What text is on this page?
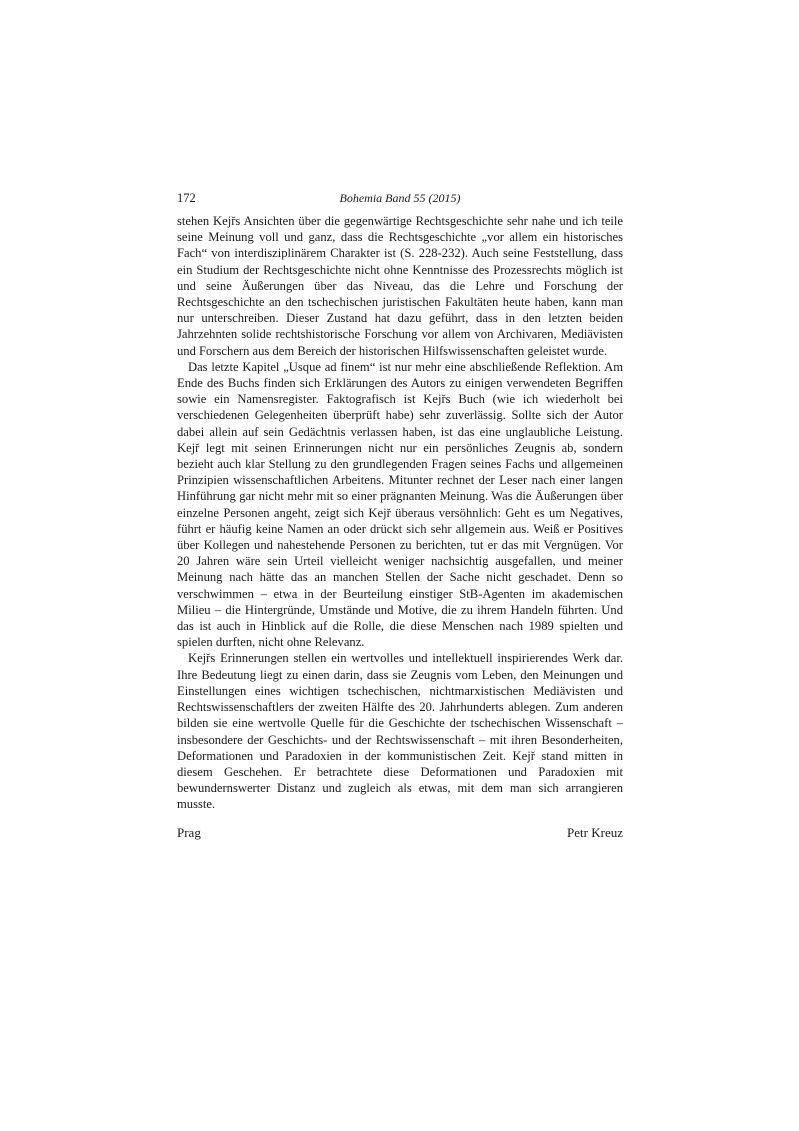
172	Bohemia Band 55 (2015)

stehen Kejřs Ansichten über die gegenwärtige Rechtsgeschichte sehr nahe und ich teile seine Meinung voll und ganz, dass die Rechtsgeschichte „vor allem ein historisches Fach“ von interdisziplinärem Charakter ist (S. 228-232). Auch seine Feststellung, dass ein Studium der Rechtsgeschichte nicht ohne Kenntnisse des Prozessrechts möglich ist und seine Äußerungen über das Niveau, das die Lehre und Forschung der Rechtsgeschichte an den tschechischen juristischen Fakultäten heute haben, kann man nur unterschreiben. Dieser Zustand hat dazu geführt, dass in den letzten beiden Jahrzehnten solide rechtshistorische Forschung vor allem von Archivaren, Mediävisten und Forschern aus dem Bereich der historischen Hilfswissenschaften geleistet wurde.

Das letzte Kapitel „Usque ad finem“ ist nur mehr eine abschließende Reflektion. Am Ende des Buchs finden sich Erklärungen des Autors zu einigen verwendeten Begriffen sowie ein Namensregister. Faktografisch ist Kejřs Buch (wie ich wiederholt bei verschiedenen Gelegenheiten überprüft habe) sehr zuverlässig. Sollte sich der Autor dabei allein auf sein Gedächtnis verlassen haben, ist das eine unglaubliche Leistung. Kejř legt mit seinen Erinnerungen nicht nur ein persönliches Zeugnis ab, sondern bezieht auch klar Stellung zu den grundlegenden Fragen seines Fachs und allgemeinen Prinzipien wissenschaftlichen Arbeitens. Mitunter rechnet der Leser nach einer langen Hinführung gar nicht mehr mit so einer prägnanten Meinung. Was die Äußerungen über einzelne Personen angeht, zeigt sich Kejř überaus versöhnlich: Geht es um Negatives, führt er häufig keine Namen an oder drückt sich sehr allgemein aus. Weiß er Positives über Kollegen und nahestehende Personen zu berichten, tut er das mit Vergnügen. Vor 20 Jahren wäre sein Urteil vielleicht weniger nachsichtig ausgefallen, und meiner Meinung nach hätte das an manchen Stellen der Sache nicht geschadet. Denn so verschwimmen – etwa in der Beurteilung einstiger StB-Agenten im akademischen Milieu – die Hintergründe, Umstände und Motive, die zu ihrem Handeln führten. Und das ist auch in Hinblick auf die Rolle, die diese Menschen nach 1989 spielten und spielen durften, nicht ohne Relevanz.

Kejřs Erinnerungen stellen ein wertvolles und intellektuell inspirierendes Werk dar. Ihre Bedeutung liegt zu einen darin, dass sie Zeugnis vom Leben, den Meinungen und Einstellungen eines wichtigen tschechischen, nichtmarxistischen Mediävisten und Rechtswissenschaftlers der zweiten Hälfte des 20. Jahrhunderts ablegen. Zum anderen bilden sie eine wertvolle Quelle für die Geschichte der tschechischen Wissenschaft – insbesondere der Geschichts- und der Rechtswissenschaft – mit ihren Besonderheiten, Deformationen und Paradoxien in der kommunistischen Zeit. Kejř stand mitten in diesem Geschehen. Er betrachtete diese Deformationen und Paradoxien mit bewundernswerter Distanz und zugleich als etwas, mit dem man sich arrangieren musste.

Prag	Petr Kreuz
